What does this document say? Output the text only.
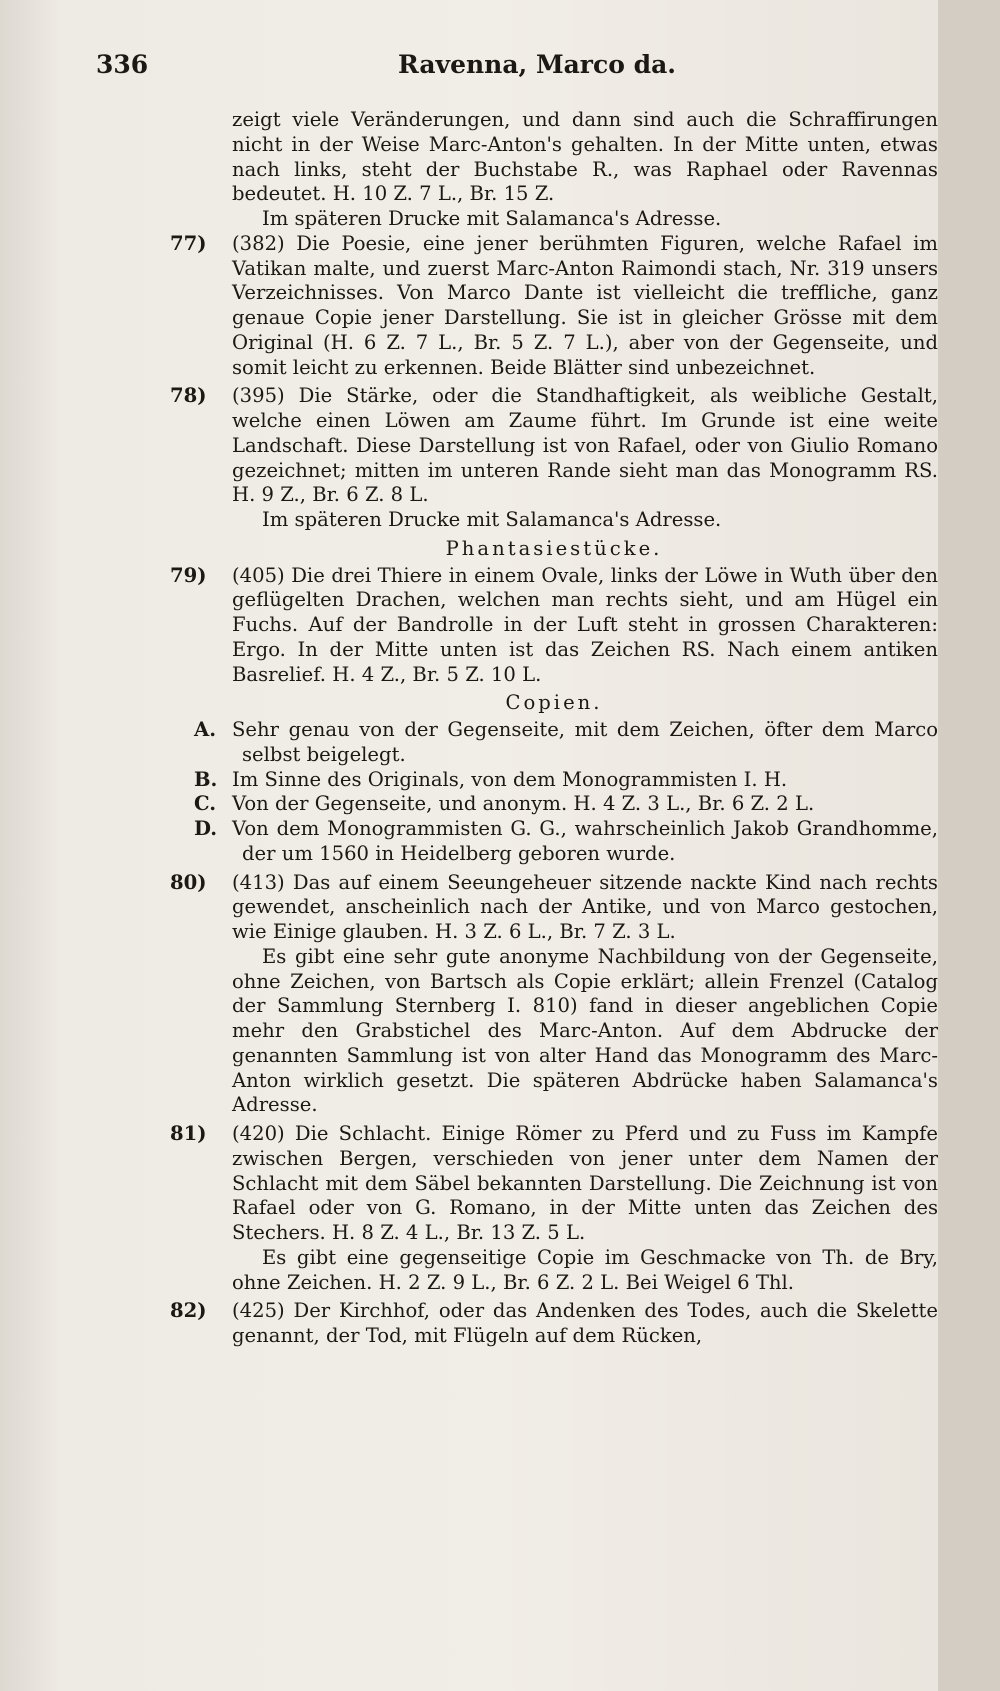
336	Ravenna, Marco da.
zeigt viele Veränderungen, und dann sind auch die Schraffirungen nicht in der Weise Marc-Anton's gehalten. In der Mitte unten, etwas nach links, steht der Buchstabe R., was Raphael oder Ravennas bedeutet. H. 10 Z. 7 L., Br. 15 Z.
Im späteren Drucke mit Salamanca's Adresse.
77) (382) Die Poesie, eine jener berühmten Figuren, welche Rafael im Vatikan malte, und zuerst Marc-Anton Raimondi stach, Nr. 319 unsers Verzeichnisses. Von Marco Dante ist vielleicht die treffliche, ganz genaue Copie jener Darstellung. Sie ist in gleicher Grösse mit dem Original (H. 6 Z. 7 L., Br. 5 Z. 7 L.), aber von der Gegenseite, und somit leicht zu erkennen. Beide Blätter sind unbezeichnet.
78) (395) Die Stärke, oder die Standhaftigkeit, als weibliche Gestalt, welche einen Löwen am Zaume führt. Im Grunde ist eine weite Landschaft. Diese Darstellung ist von Rafael, oder von Giulio Romano gezeichnet; mitten im unteren Rande sieht man das Monogramm RS. H. 9 Z., Br. 6 Z. 8 L.
Im späteren Drucke mit Salamanca's Adresse.
Phantasiestücke.
79) (405) Die drei Thiere in einem Ovale, links der Löwe in Wuth über den geflügelten Drachen, welchen man rechts sieht, und am Hügel ein Fuchs. Auf der Bandrolle in der Luft steht in grossen Charakteren: Ergo. In der Mitte unten ist das Zeichen RS. Nach einem antiken Basrelief. H. 4 Z., Br. 5 Z. 10 L.
Copien.
A. Sehr genau von der Gegenseite, mit dem Zeichen, öfter dem Marco selbst beigelegt.
B. Im Sinne des Originals, von dem Monogrammisten I. H.
C. Von der Gegenseite, und anonym. H. 4 Z. 3 L., Br. 6 Z. 2 L.
D. Von dem Monogrammisten G. G., wahrscheinlich Jakob Grandhomme, der um 1560 in Heidelberg geboren wurde.
80) (413) Das auf einem Seeungeheuer sitzende nackte Kind nach rechts gewendet, anscheinlich nach der Antike, und von Marco gestochen, wie Einige glauben. H. 3 Z. 6 L., Br. 7 Z. 3 L.
Es gibt eine sehr gute anonyme Nachbildung von der Gegenseite, ohne Zeichen, von Bartsch als Copie erklärt; allein Frenzel (Catalog der Sammlung Sternberg I. 810) fand in dieser angeblichen Copie mehr den Grabstichel des Marc-Anton. Auf dem Abdrucke der genannten Sammlung ist von alter Hand das Monogramm des Marc-Anton wirklich gesetzt. Die späteren Abdrücke haben Salamanca's Adresse.
81) (420) Die Schlacht. Einige Römer zu Pferd und zu Fuss im Kampfe zwischen Bergen, verschieden von jener unter dem Namen der Schlacht mit dem Säbel bekannten Darstellung. Die Zeichnung ist von Rafael oder von G. Romano, in der Mitte unten das Zeichen des Stechers. H. 8 Z. 4 L., Br. 13 Z. 5 L.
Es gibt eine gegenseitige Copie im Geschmacke von Th. de Bry, ohne Zeichen. H. 2 Z. 9 L., Br. 6 Z. 2 L. Bei Weigel 6 Thl.
82) (425) Der Kirchhof, oder das Andenken des Todes, auch die Skelette genannt, der Tod, mit Flügeln auf dem Rücken,
